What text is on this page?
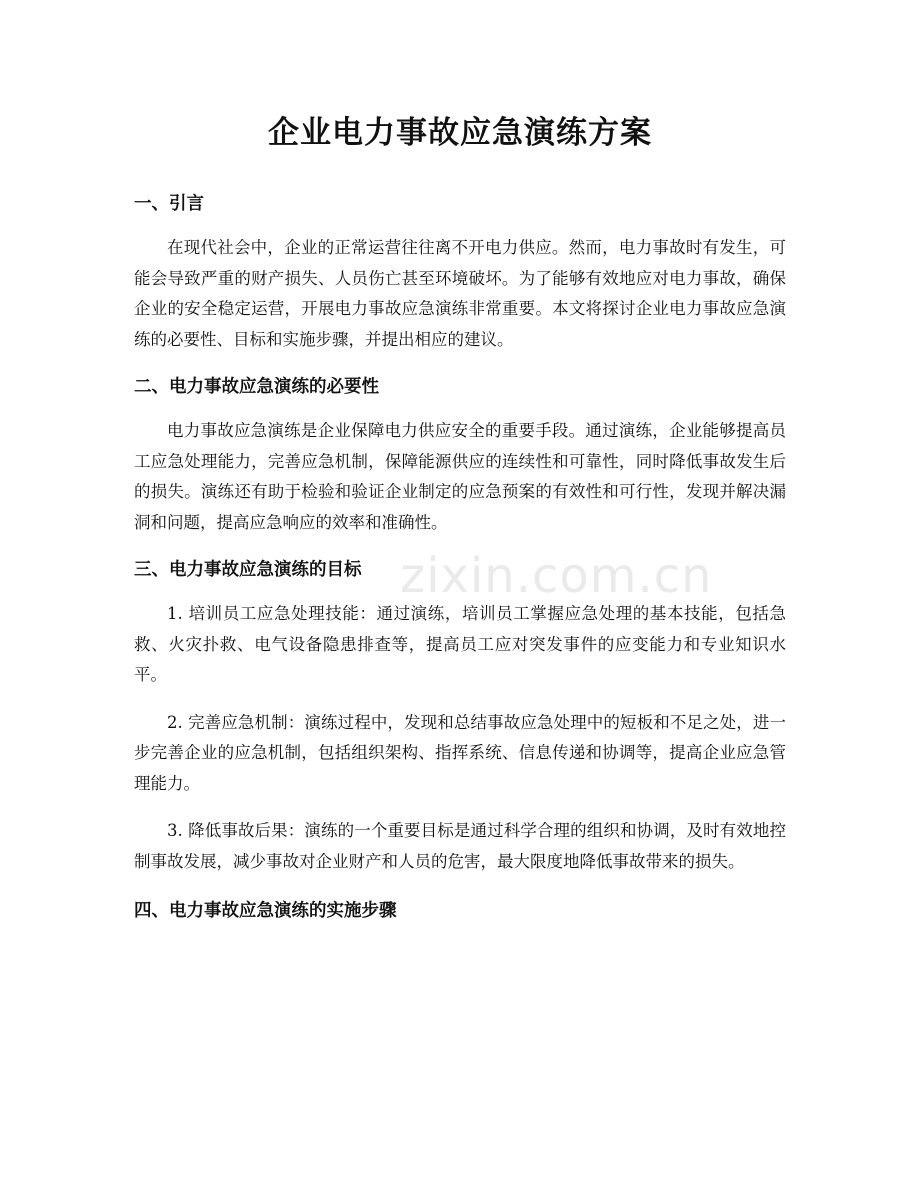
企业电力事故应急演练方案
一、引言

在现代社会中，企业的正常运营往往离不开电力供应。然而，电力事故时有发生，可能会导致严重的财产损失、人员伤亡甚至环境破坏。为了能够有效地应对电力事故，确保企业的安全稳定运营，开展电力事故应急演练非常重要。本文将探讨企业电力事故应急演练的必要性、目标和实施步骤，并提出相应的建议。

二、电力事故应急演练的必要性

电力事故应急演练是企业保障电力供应安全的重要手段。通过演练，企业能够提高员工应急处理能力，完善应急机制，保障能源供应的连续性和可靠性，同时降低事故发生后的损失。演练还有助于检验和验证企业制定的应急预案的有效性和可行性，发现并解决漏洞和问题，提高应急响应的效率和准确性。

三、电力事故应急演练的目标

1. 培训员工应急处理技能：通过演练，培训员工掌握应急处理的基本技能，包括急救、火灾扑救、电气设备隐患排查等，提高员工应对突发事件的应变能力和专业知识水平。

2. 完善应急机制：演练过程中，发现和总结事故应急处理中的短板和不足之处，进一步完善企业的应急机制，包括组织架构、指挥系统、信息传递和协调等，提高企业应急管理能力。

3. 降低事故后果：演练的一个重要目标是通过科学合理的组织和协调，及时有效地控制事故发展，减少事故对企业财产和人员的危害，最大限度地降低事故带来的损失。

四、电力事故应急演练的实施步骤
zixin.com.cn
